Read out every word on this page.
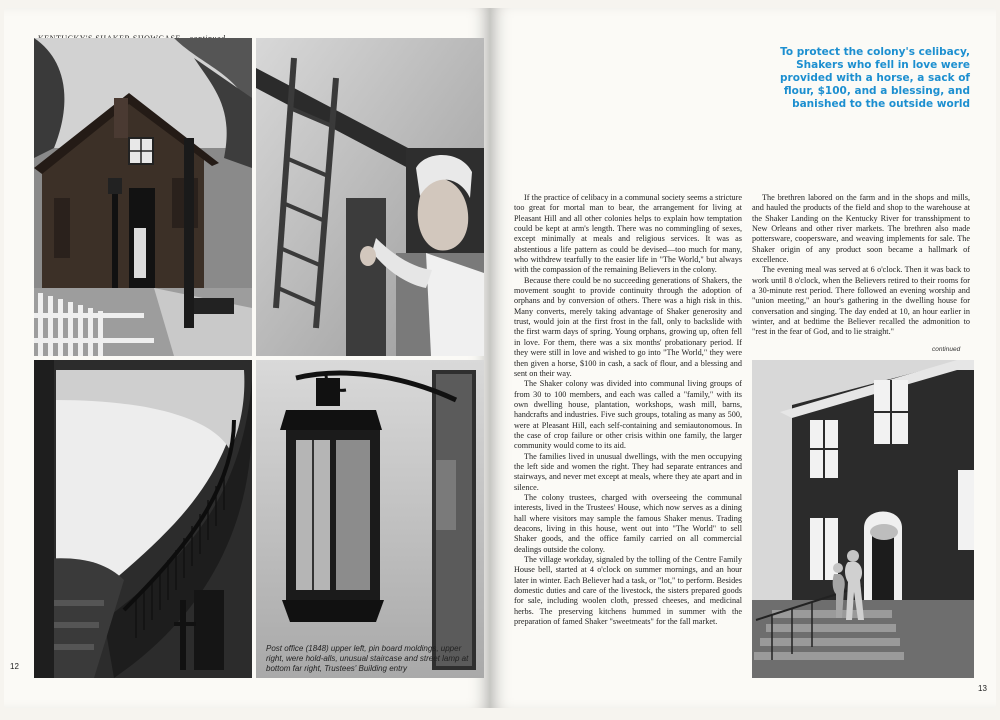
Post office (1848) upper left, pin board moldings, upper right, were hold-alls, unusual staircase and street lamp at bottom far right, Trustees' Building entry
12
To protect the colony's celibacy, Shakers who fell in love were provided with a horse, a sack of flour, $100, and a blessing, and banished to the outside world

If the practice of celibacy in a communal society seems a stricture too great for mortal man to bear, the arrangement for living at Pleasant Hill and all other colonies helps to explain how temptation could be kept at arm's length. There was no commingling of sexes, except minimally at meals and religious services. It was as abstentious a life pattern as could be devised—too much for many, who withdrew tearfully to the easier life in "The World," but always with the compassion of the remaining Believers in the colony.

Because there could be no succeeding generations of Shakers, the movement sought to provide continuity through the adoption of orphans and by conversion of others. There was a high risk in this. Many converts, merely taking advantage of Shaker generosity and trust, would join at the first frost in the fall, only to backslide with the first warm days of spring. Young orphans, growing up, often fell in love. For them, there was a six months' probationary period. If they were still in love and wished to go into "The World," they were then given a horse, $100 in cash, a sack of flour, and a blessing and sent on their way.

The Shaker colony was divided into communal living groups of from 30 to 100 members, and each was called a "family," with its own dwelling house, plantation, workshops, wash mill, barns, handcrafts and industries. Five such groups, totaling as many as 500, were at Pleasant Hill, each self-containing and semiautonomous. In the case of crop failure or other crisis within one family, the larger community would come to its aid.

The families lived in unusual dwellings, with the men occupying the left side and women the right. They had separate entrances and stairways, and never met except at meals, where they ate apart and in silence.

The colony trustees, charged with overseeing the communal interests, lived in the Trustees' House, which now serves as a dining hall where visitors may sample the famous Shaker menus. Trading deacons, living in this house, went out into "The World" to sell Shaker goods, and the office family carried on all commercial dealings outside the colony.

The village workday, signaled by the tolling of the Centre Family House bell, started at 4 o'clock on summer mornings, and an hour later in winter. Each Believer had a task, or "lot," to perform. Besides domestic duties and care of the livestock, the sisters prepared goods for sale, including woolen cloth, pressed cheeses, and medicinal herbs. The preserving kitchens hummed in summer with the preparation of famed Shaker "sweetmeats" for the fall market.

The brethren labored on the farm and in the shops and mills, and hauled the products of the field and shop to the warehouse at the Shaker Landing on the Kentucky River for transshipment to New Orleans and other river markets. The brethren also made pottersware, coopersware, and weaving implements for sale. The Shaker origin of any product soon became a hallmark of excellence.

The evening meal was served at 6 o'clock. Then it was back to work until 8 o'clock, when the Believers retired to their rooms for a 30-minute rest period. There followed an evening worship and "union meeting," an hour's gathering in the dwelling house for conversation and singing. The day ended at 10, an hour earlier in winter, and at bedtime the Believer recalled the admonition to "rest in the fear of God, and to lie straight."

continued
13
